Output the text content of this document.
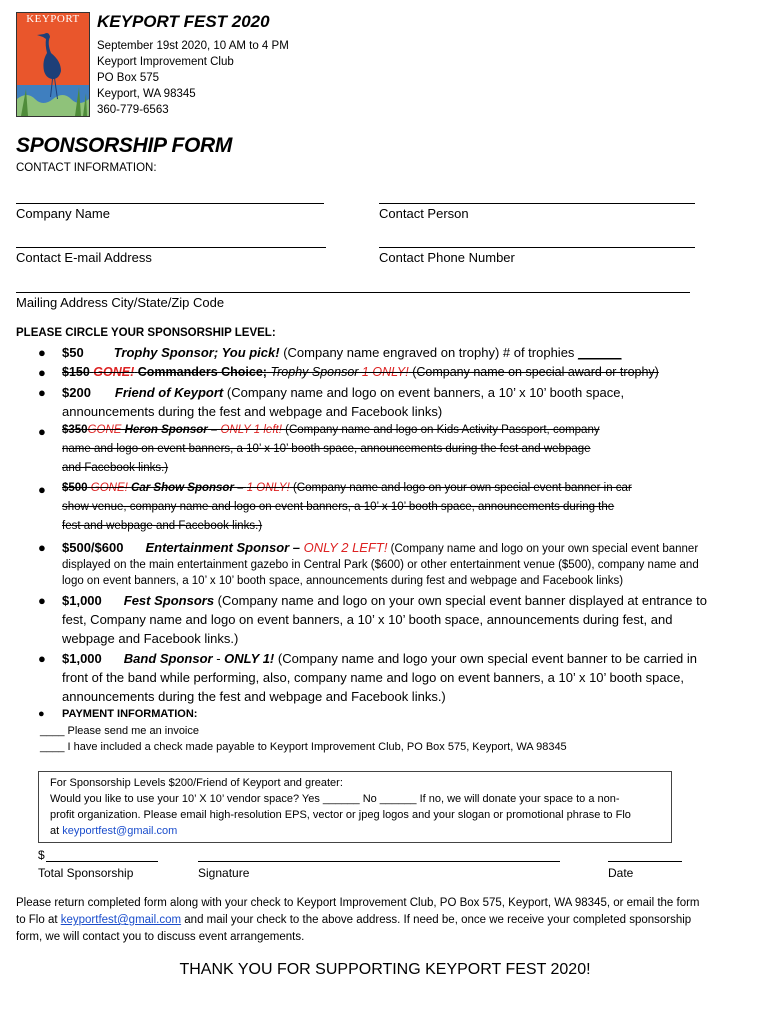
KEYPORT	KEYPORT FEST 2020
September 19st 2020, 10 AM to 4 PM
Keyport Improvement Club
PO Box 575
Keyport, WA 98345
360-779-6563
SPONSORSHIP FORM
CONTACT INFORMATION:
Company Name	Contact Person
Contact E-mail Address	Contact Phone Number
Mailing Address City/State/Zip Code
PLEASE CIRCLE YOUR SPONSORSHIP LEVEL:
● $50 Trophy Sponsor; You pick! (Company name engraved on trophy) # of trophies ______
● $150 GONE! Commanders Choice; Trophy Sponsor 1 ONLY! (Company name on special award or trophy)
● $200 Friend of Keyport (Company name and logo on event banners, a 10’ x 10’ booth space,
announcements during the fest and webpage and Facebook links)
● $350GONE Heron Sponsor – ONLY 1 left! (Company name and logo on Kids Activity Passport, company
name and logo on event banners, a 10’ x 10’ booth space, announcements during the fest and webpage
and Facebook links.)
● $500 GONE! Car Show Sponsor – 1 ONLY! (Company name and logo on your own special event banner in car
show venue, company name and logo on event banners, a 10’ x 10’ booth space, announcements during the
fest and webpage and Facebook links.)
● $500/$600 Entertainment Sponsor – ONLY 2 LEFT! (Company name and logo on your own special event banner
displayed on the main entertainment gazebo in Central Park ($600) or other entertainment venue ($500), company name and
logo on event banners, a 10’ x 10’ booth space, announcements during fest and webpage and Facebook links)
● $1,000 Fest Sponsors (Company name and logo on your own special event banner displayed at entrance to
fest, Company name and logo on event banners, a 10’ x 10’ booth space, announcements during fest, and
webpage and Facebook links.)
● $1,000 Band Sponsor - ONLY 1! (Company name and logo your own special event banner to be carried in
front of the band while performing, also, company name and logo on event banners, a 10’ x 10’ booth space,
announcements during the fest and webpage and Facebook links.)
● PAYMENT INFORMATION:
____ Please send me an invoice
____ I have included a check made payable to Keyport Improvement Club, PO Box 575, Keyport, WA 98345
For Sponsorship Levels $200/Friend of Keyport and greater:
Would you like to use your 10’ X 10’ vendor space? Yes ______ No ______ If no, we will donate your space to a non-
profit organization. Please email high-resolution EPS, vector or jpeg logos and your slogan or promotional phrase to Flo
at keyportfest@gmail.com
$
Total Sponsorship	Signature	Date
Please return completed form along with your check to Keyport Improvement Club, PO Box 575, Keyport, WA 98345, or email the form
to Flo at keyportfest@gmail.com and mail your check to the above address. If need be, once we receive your completed sponsorship
form, we will contact you to discuss event arrangements.
THANK YOU FOR SUPPORTING KEYPORT FEST 2020!
